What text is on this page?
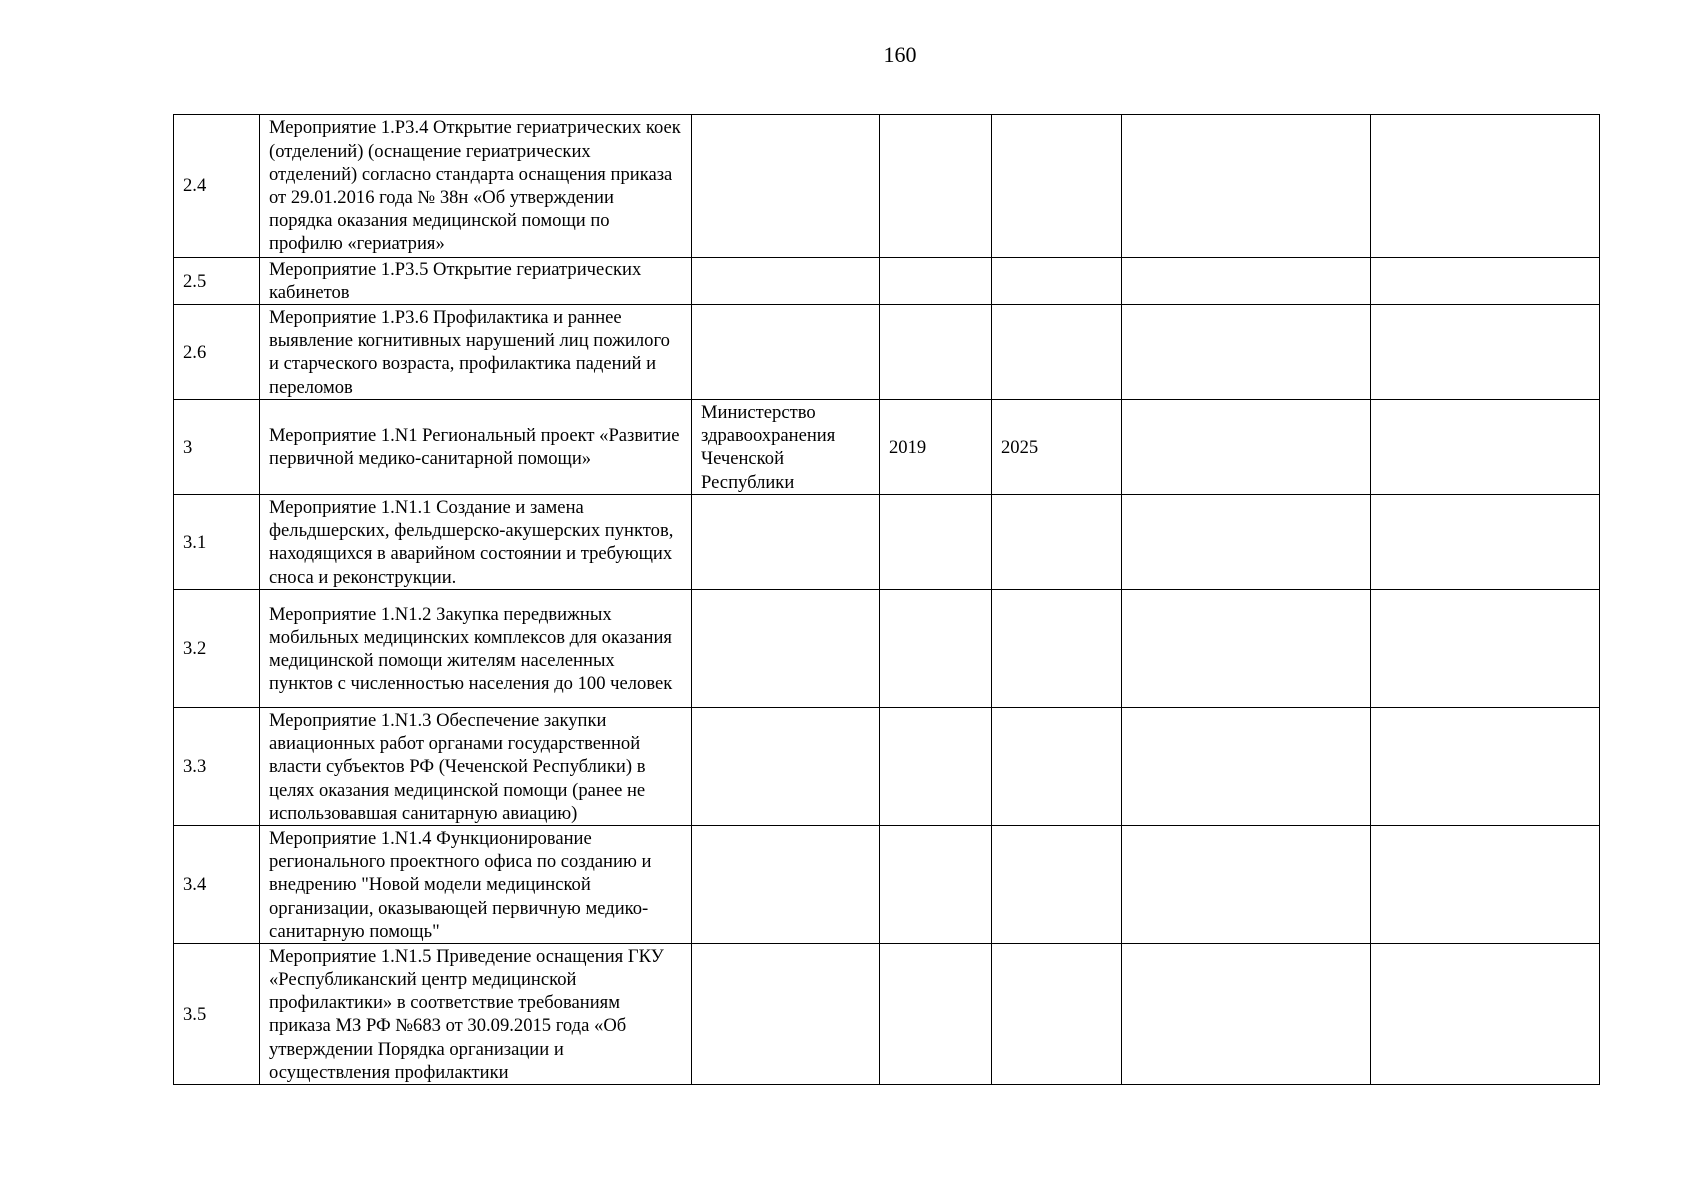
160
2.4	Мероприятие 1.Р3.4 Открытие гериатрических коек (отделений) (оснащение гериатрических отделений) согласно стандарта оснащения приказа от 29.01.2016 года № 38н «Об утверждении порядка оказания медицинской помощи по профилю «гериатрия»					
2.5	Мероприятие 1.Р3.5 Открытие гериатрических кабинетов					
2.6	Мероприятие 1.Р3.6 Профилактика и раннее выявление когнитивных нарушений лиц пожилого и старческого возраста, профилактика падений и переломов					
3	Мероприятие 1.N1 Региональный проект «Развитие первичной медико-санитарной помощи»	Министерство здравоохранения Чеченской Республики	2019	2025		
3.1	Мероприятие 1.N1.1 Создание и замена фельдшерских, фельдшерско-акушерских пунктов, находящихся в аварийном состоянии и требующих сноса и реконструкции.					
3.2	Мероприятие 1.N1.2 Закупка передвижных мобильных медицинских комплексов для оказания медицинской помощи жителям населенных пунктов с численностью населения до 100 человек					
3.3	Мероприятие 1.N1.3 Обеспечение закупки авиационных работ органами государственной власти субъектов РФ (Чеченской Республики) в целях оказания медицинской помощи (ранее не использовавшая санитарную авиацию)					
3.4	Мероприятие 1.N1.4 Функционирование регионального проектного офиса по созданию и внедрению "Новой модели медицинской организации, оказывающей первичную медико-санитарную помощь"					
3.5	Мероприятие 1.N1.5 Приведение оснащения ГКУ «Республиканский центр медицинской профилактики» в соответствие требованиям приказа МЗ РФ №683 от 30.09.2015 года «Об утверждении Порядка организации и осуществления профилактики					
